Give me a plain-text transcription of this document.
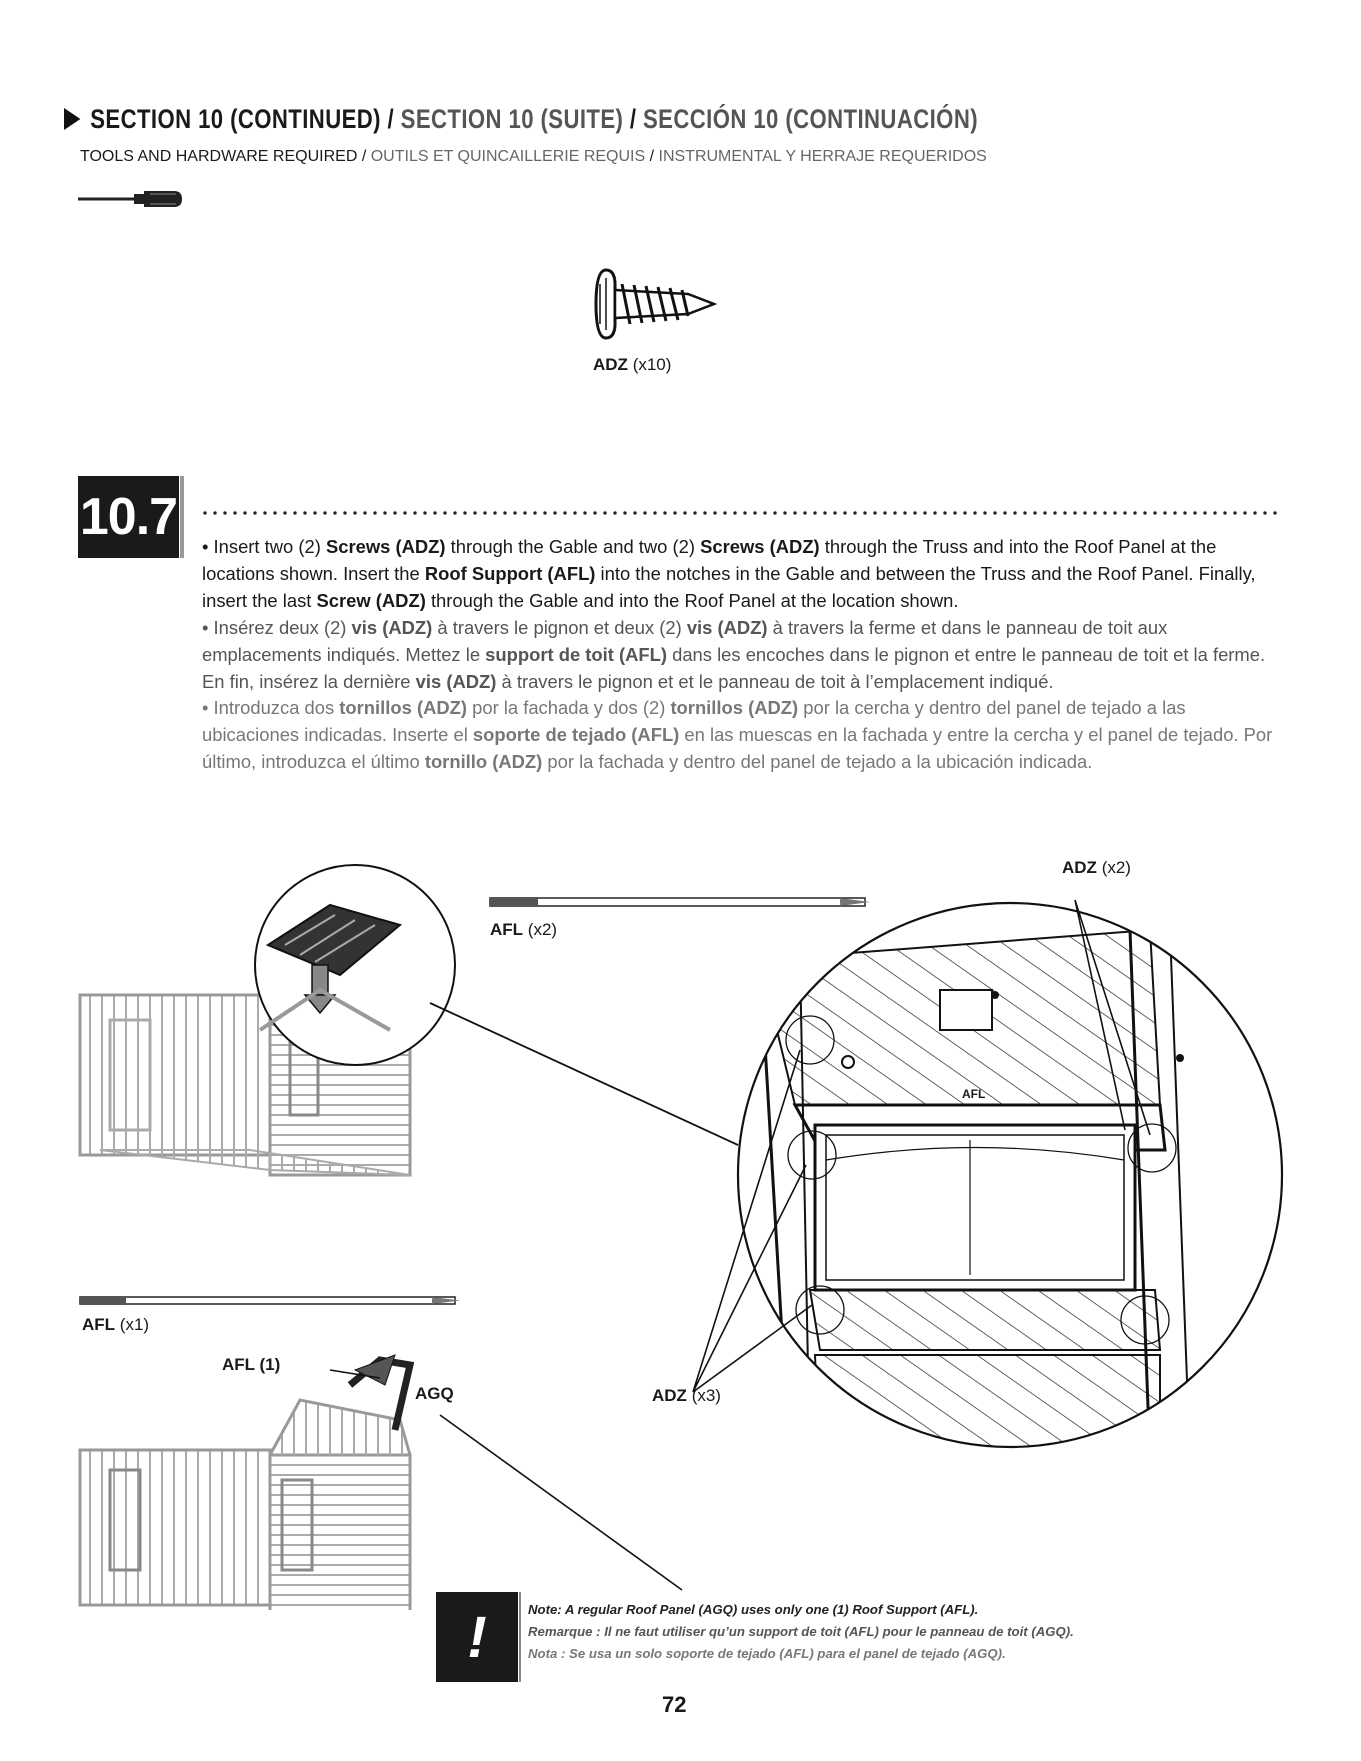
SECTION 10 (CONTINUED) / SECTION 10 (SUITE) / SECCIÓN 10 (CONTINUACIÓN)
TOOLS AND HARDWARE REQUIRED / OUTILS ET QUINCAILLERIE REQUIS / INSTRUMENTAL Y HERRAJE REQUERIDOS
ADZ (x10)
10.7
• Insert two (2) Screws (ADZ) through the Gable and two (2) Screws (ADZ) through the Truss and into the Roof Panel at the locations shown. Insert the Roof Support (AFL) into the notches in the Gable and between the Truss and the Roof Panel. Finally, insert the last Screw (ADZ) through the Gable and into the Roof Panel at the location shown.
• Insérez deux (2) vis (ADZ) à travers le pignon et deux (2) vis (ADZ) à travers la ferme et dans le panneau de toit aux emplacements indiqués. Mettez le support de toit (AFL) dans les encoches dans le pignon et entre le panneau de toit et la ferme. En fin, insérez la dernière vis (ADZ) à travers le pignon et et le panneau de toit à l’emplacement indiqué.
• Introduzca dos tornillos (ADZ) por la fachada y dos (2) tornillos (ADZ) por la cercha y dentro del panel de tejado a las ubicaciones indicadas. Inserte el soporte de tejado (AFL) en las muescas en la fachada y entre la cercha y el panel de tejado. Por último, introduzca el último tornillo (ADZ) por la fachada y dentro del panel de tejado a la ubicación indicada.
ADZ (x2)
AFL (x2)
AFL
AFL (x1)
AFL (1)
AGQ	ADZ (x3)
!	Note: A regular Roof Panel (AGQ) uses only one (1) Roof Support (AFL).
Remarque : Il ne faut utiliser qu’un support de toit (AFL) pour le panneau de toit (AGQ).
Nota : Se usa un solo soporte de tejado (AFL) para el panel de tejado (AGQ).
72
